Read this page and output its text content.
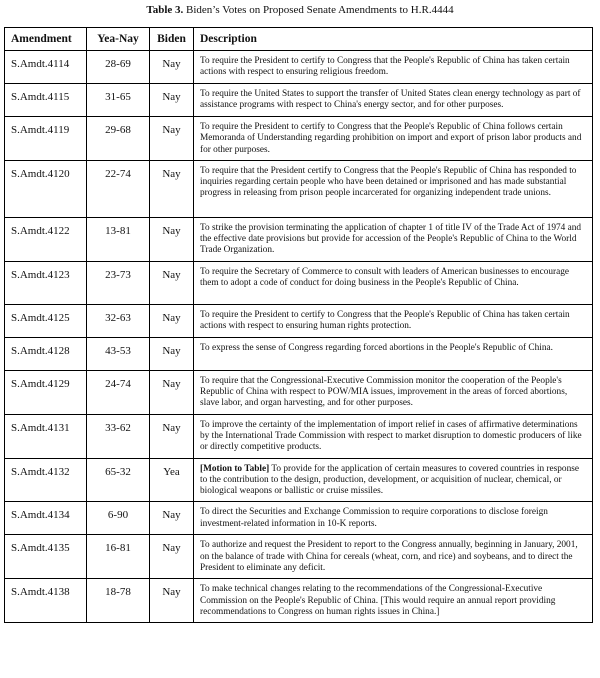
Table 3. Biden’s Votes on Proposed Senate Amendments to H.R.4444
Amendment	Yea-Nay	Biden	Description
S.Amdt.4114	28-69	Nay	To require the President to certify to Congress that the People's Republic of China has taken certain actions with respect to ensuring religious freedom.
S.Amdt.4115	31-65	Nay	To require the United States to support the transfer of United States clean energy technology as part of assistance programs with respect to China's energy sector, and for other purposes.
S.Amdt.4119	29-68	Nay	To require the President to certify to Congress that the People's Republic of China follows certain Memoranda of Understanding regarding prohibition on import and export of prison labor products and for other purposes.
S.Amdt.4120	22-74	Nay	To require that the President certify to Congress that the People's Republic of China has responded to inquiries regarding certain people who have been detained or imprisoned and has made substantial progress in releasing from prison people incarcerated for organizing independent trade unions.
S.Amdt.4122	13-81	Nay	To strike the provision terminating the application of chapter 1 of title IV of the Trade Act of 1974 and the effective date provisions but provide for accession of the People's Republic of China to the World Trade Organization.
S.Amdt.4123	23-73	Nay	To require the Secretary of Commerce to consult with leaders of American businesses to encourage them to adopt a code of conduct for doing business in the People's Republic of China.
S.Amdt.4125	32-63	Nay	To require the President to certify to Congress that the People's Republic of China has taken certain actions with respect to ensuring human rights protection.
S.Amdt.4128	43-53	Nay	To express the sense of Congress regarding forced abortions in the People's Republic of China.
S.Amdt.4129	24-74	Nay	To require that the Congressional-Executive Commission monitor the cooperation of the People's Republic of China with respect to POW/MIA issues, improvement in the areas of forced abortions, slave labor, and organ harvesting, and for other purposes.
S.Amdt.4131	33-62	Nay	To improve the certainty of the implementation of import relief in cases of affirmative determinations by the International Trade Commission with respect to market disruption to domestic producers of like or directly competitive products.
S.Amdt.4132	65-32	Yea	[Motion to Table] To provide for the application of certain measures to covered countries in response to the contribution to the design, production, development, or acquisition of nuclear, chemical, or biological weapons or ballistic or cruise missiles.
S.Amdt.4134	6-90	Nay	To direct the Securities and Exchange Commission to require corporations to disclose foreign investment-related information in 10-K reports.
S.Amdt.4135	16-81	Nay	To authorize and request the President to report to the Congress annually, beginning in January, 2001, on the balance of trade with China for cereals (wheat, corn, and rice) and soybeans, and to direct the President to eliminate any deficit.
S.Amdt.4138	18-78	Nay	To make technical changes relating to the recommendations of the Congressional-Executive Commission on the People's Republic of China. [This would require an annual report providing recommendations to Congress on human rights issues in China.]
